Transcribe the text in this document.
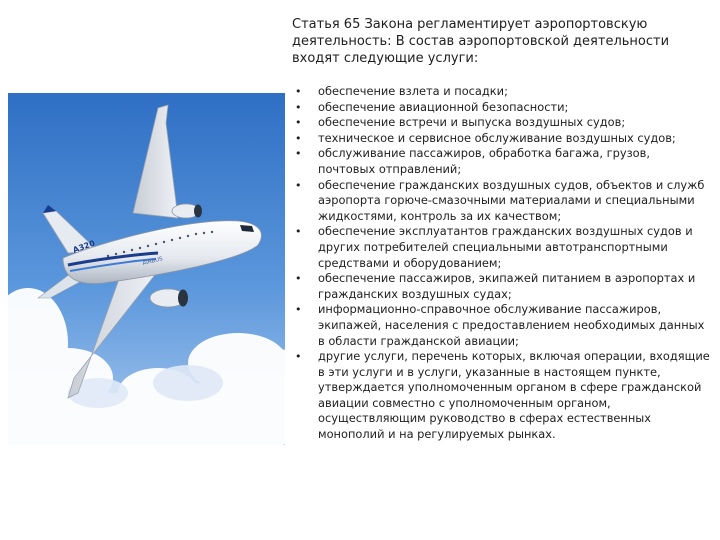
A320
AIRBUS
Статья 65 Закона регламентирует аэропортовскую деятельность: В состав аэропортовской деятельности входят следующие услуги:
• обеспечение взлета и посадки;
• обеспечение авиационной безопасности;
• обеспечение встречи и выпуска воздушных судов;
• техническое и сервисное обслуживание воздушных судов;
• обслуживание пассажиров, обработка багажа, грузов, почтовых отправлений;
• обеспечение гражданских воздушных судов, объектов и служб аэропорта горюче-смазочными материалами и специальными жидкостями, контроль за их качеством;
• обеспечение эксплуатантов гражданских воздушных судов и других потребителей специальными автотранспортными средствами и оборудованием;
• обеспечение пассажиров, экипажей питанием в аэропортах и гражданских воздушных судах;
• информационно-справочное обслуживание пассажиров, экипажей, населения с предоставлением необходимых данных в области гражданской авиации;
• другие услуги, перечень которых, включая операции, входящие в эти услуги и в услуги, указанные в настоящем пункте, утверждается уполномоченным органом в сфере гражданской авиации совместно с уполномоченным органом, осуществляющим руководство в сферах естественных монополий и на регулируемых рынках.
